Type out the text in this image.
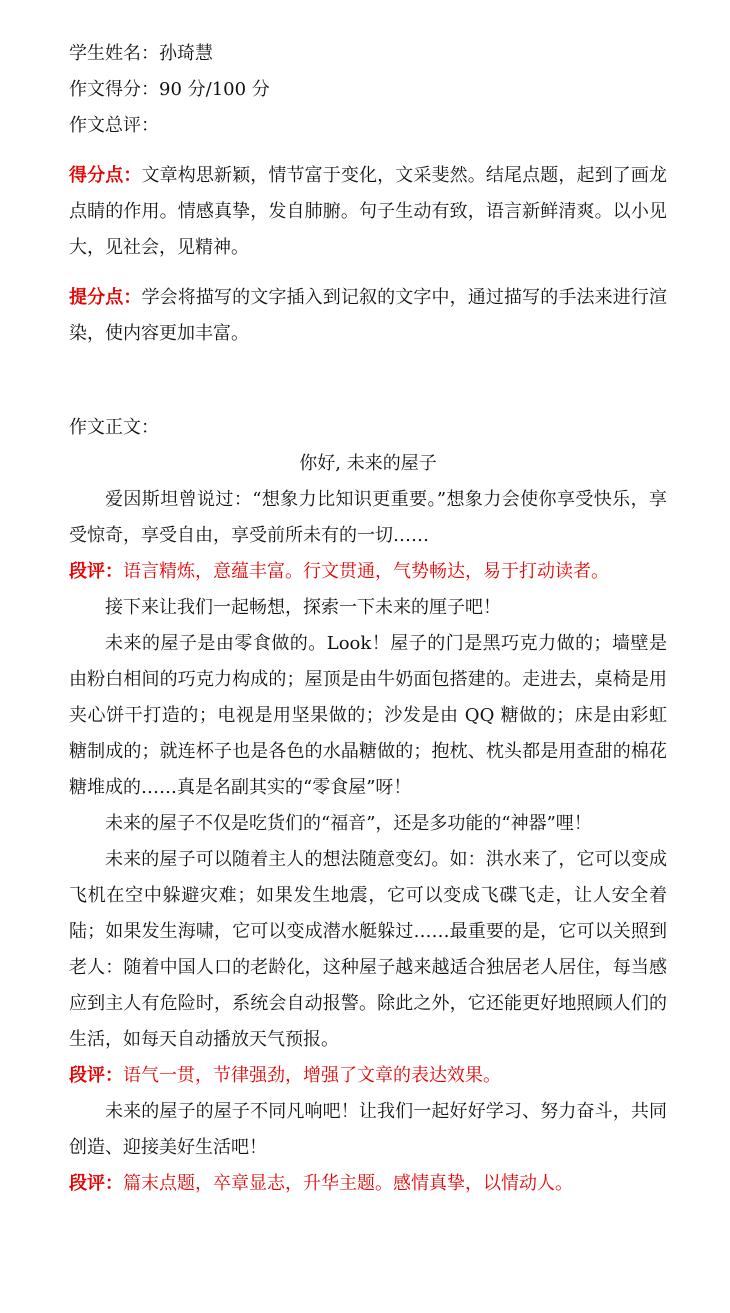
学生姓名：孙琦慧
作文得分：90 分/100 分
作文总评：

得分点：文章构思新颖，情节富于变化，文采斐然。结尾点题，起到了画龙点睛的作用。情感真挚，发自肺腑。句子生动有致，语言新鲜清爽。以小见大，见社会，见精神。

提分点：学会将描写的文字插入到记叙的文字中，通过描写的手法来进行渲染，使内容更加丰富。

作文正文：

你好, 未来的屋子

爱因斯坦曾说过：“想象力比知识更重要。”想象力会使你享受快乐，享受惊奇，享受自由，享受前所未有的一切……

段评：语言精炼，意蕴丰富。行文贯通，气势畅达，易于打动读者。

接下来让我们一起畅想，探索一下未来的厘子吧！

未来的屋子是由零食做的。Look！屋子的门是黑巧克力做的；墙壁是由粉白相间的巧克力构成的；屋顶是由牛奶面包搭建的。走进去，桌椅是用夹心饼干打造的；电视是用坚果做的；沙发是由 QQ 糖做的；床是由彩虹糖制成的；就连杯子也是各色的水晶糖做的；抱枕、枕头都是用查甜的棉花糖堆成的……真是名副其实的“零食屋”呀！

未来的屋子不仅是吃货们的“福音”，还是多功能的“神器”哩！

未来的屋子可以随着主人的想法随意变幻。如：洪水来了，它可以变成飞机在空中躲避灾难；如果发生地震，它可以变成飞碟飞走，让人安全着陆；如果发生海啸，它可以变成潜水艇躲过……最重要的是，它可以关照到老人：随着中国人口的老龄化，这种屋子越来越适合独居老人居住，每当感应到主人有危险时，系统会自动报警。除此之外，它还能更好地照顾人们的生活，如每天自动播放天气预报。

段评：语气一贯，节律强劲，增强了文章的表达效果。

未来的屋子的屋子不同凡响吧！让我们一起好好学习、努力奋斗，共同创造、迎接美好生活吧！

段评：篇末点题，卒章显志，升华主题。感情真挚，以情动人。
